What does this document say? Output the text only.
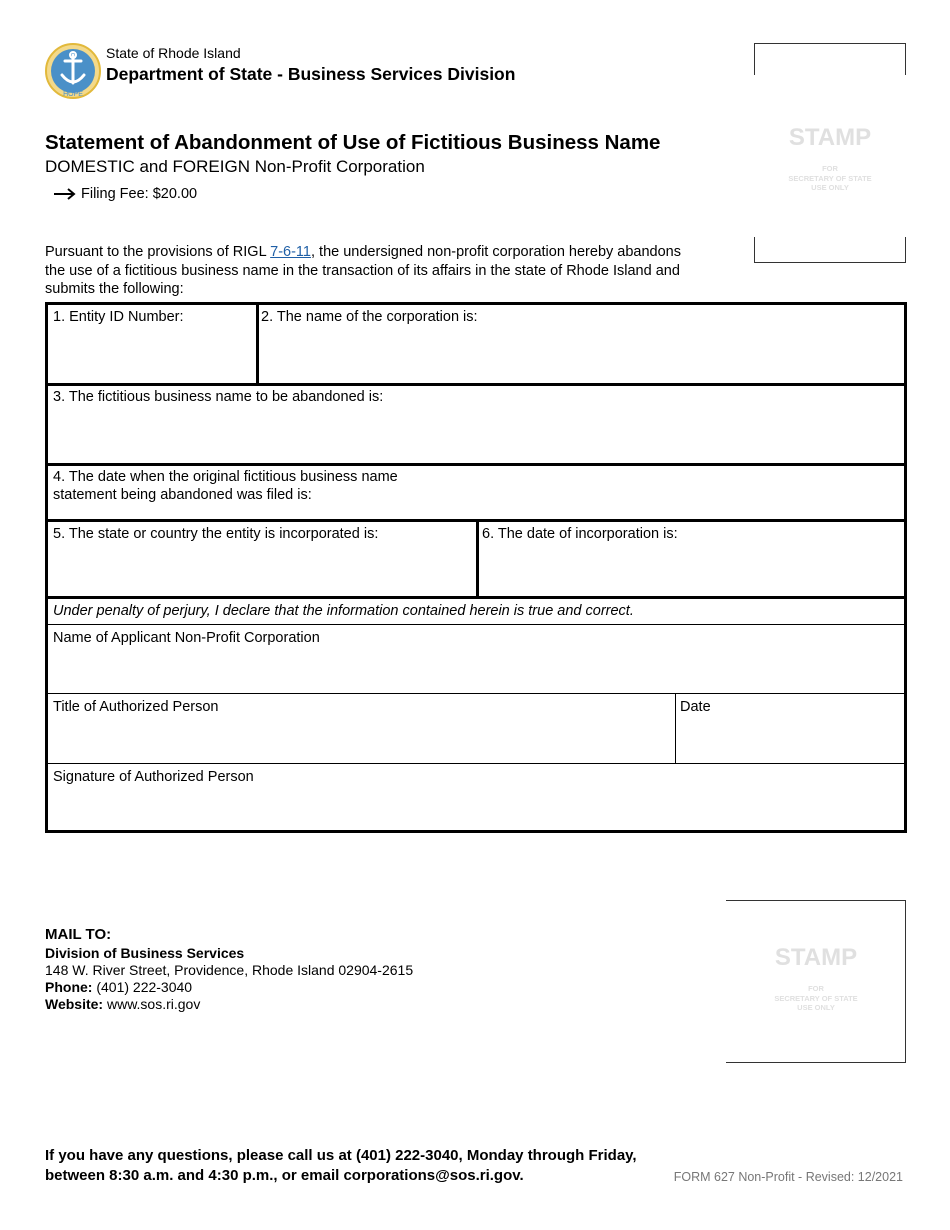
HOPE
State of Rhode Island
Department of State - Business Services Division
Statement of Abandonment of Use of Fictitious Business Name
DOMESTIC and FOREIGN Non-Profit Corporation
Filing Fee: $20.00
STAMP
FOR
SECRETARY OF STATE
USE ONLY
Pursuant to the provisions of RIGL 7-6-11, the undersigned non-profit corporation hereby abandons the use of a fictitious business name in the transaction of its affairs in the state of Rhode Island and submits the following:
1. Entity ID Number:	2. The name of the corporation is:
3. The fictitious business name to be abandoned is:
4. The date when the original fictitious business name
statement being abandoned was filed is:
5. The state or country the entity is incorporated is:	6. The date of incorporation is:
Under penalty of perjury, I declare that the information contained herein is true and correct.
Name of Applicant Non-Profit Corporation
Title of Authorized Person	Date
Signature of Authorized Person
MAIL TO:
Division of Business Services
148 W. River Street, Providence, Rhode Island 02904-2615
Phone: (401) 222-3040
Website: www.sos.ri.gov
STAMP
FOR
SECRETARY OF STATE
USE ONLY
If you have any questions, please call us at (401) 222-3040, Monday through Friday,
between 8:30 a.m. and 4:30 p.m., or email corporations@sos.ri.gov.	FORM 627 Non-Profit - Revised: 12/2021
